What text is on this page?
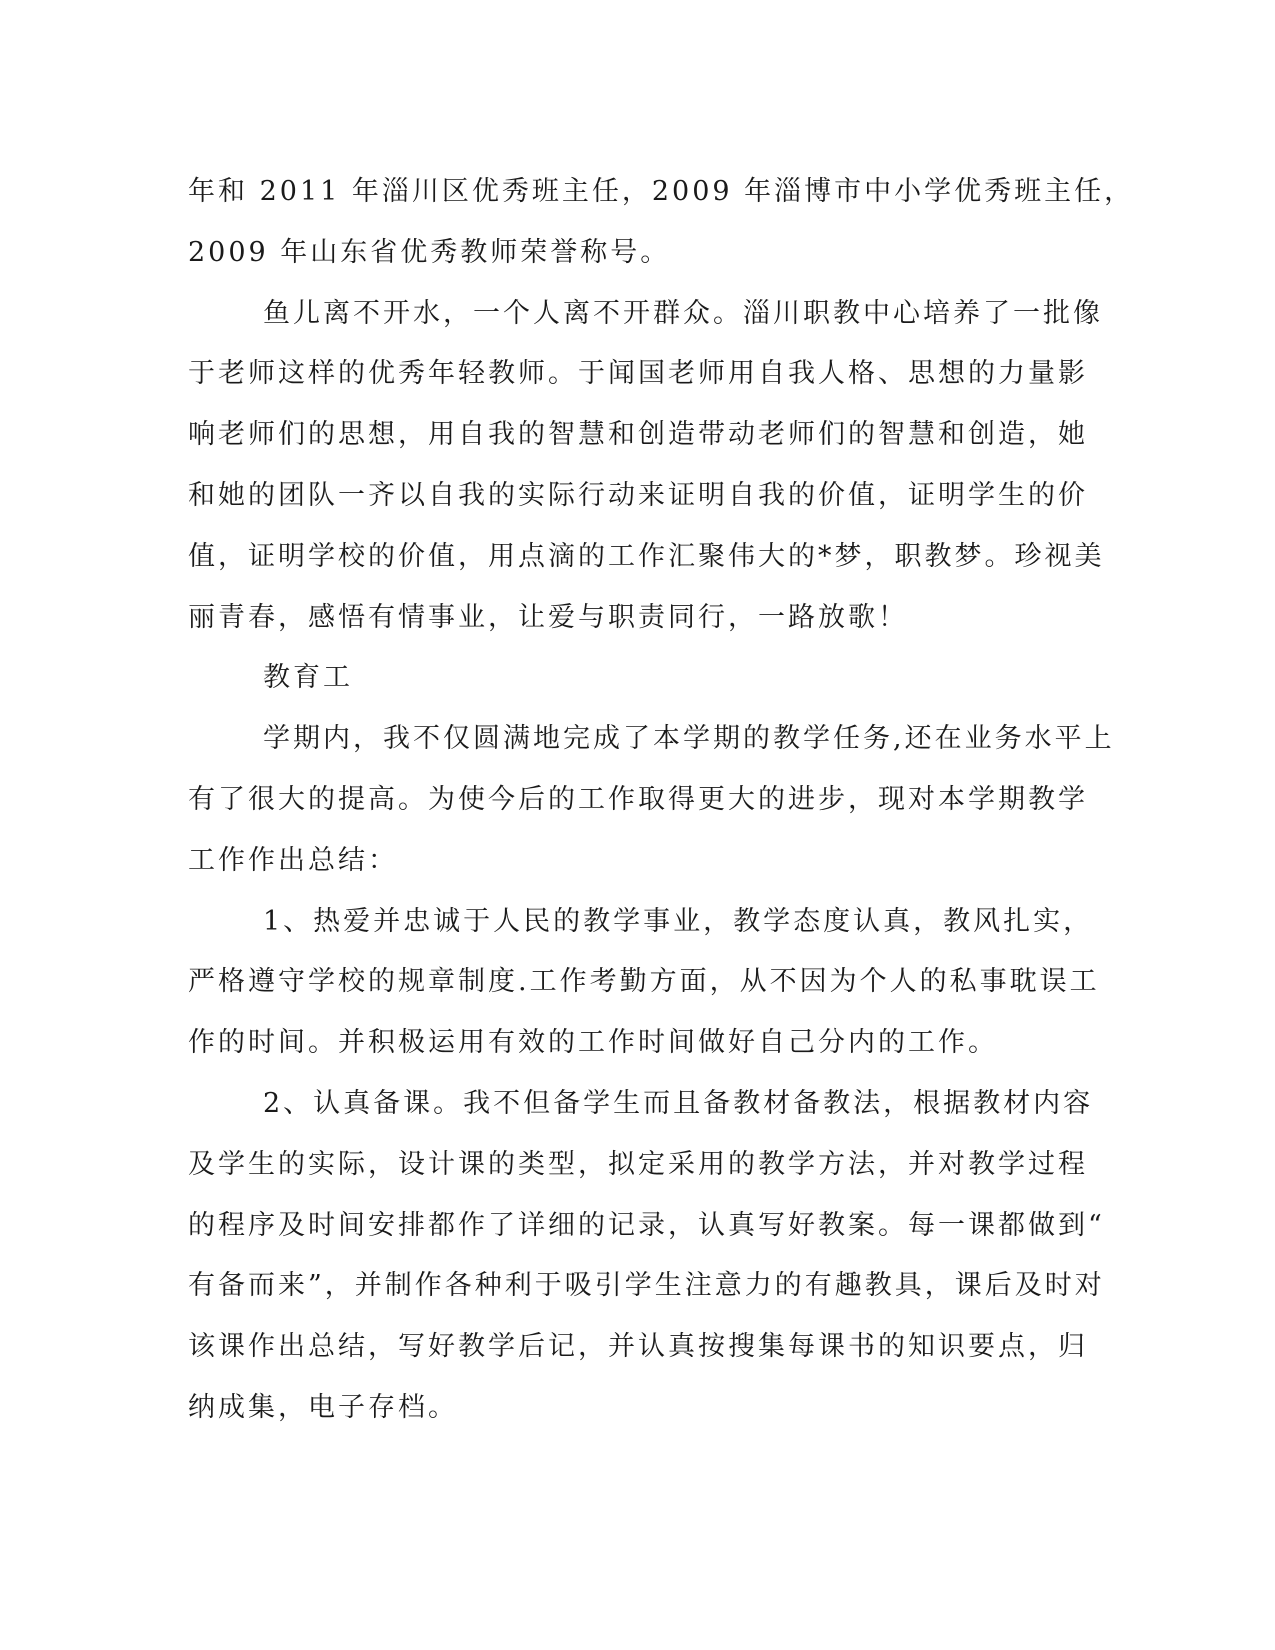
年和 2011 年淄川区优秀班主任，2009 年淄博市中小学优秀班主任，
2009 年山东省优秀教师荣誉称号。
鱼儿离不开水，一个人离不开群众。淄川职教中心培养了一批像
于老师这样的优秀年轻教师。于闻国老师用自我人格、思想的力量影
响老师们的思想，用自我的智慧和创造带动老师们的智慧和创造，她
和她的团队一齐以自我的实际行动来证明自我的价值，证明学生的价
值，证明学校的价值，用点滴的工作汇聚伟大的*梦，职教梦。珍视美
丽青春，感悟有情事业，让爱与职责同行，一路放歌！
教育工
学期内，我不仅圆满地完成了本学期的教学任务,还在业务水平上
有了很大的提高。为使今后的工作取得更大的进步，现对本学期教学
工作作出总结：
1、热爱并忠诚于人民的教学事业，教学态度认真，教风扎实，
严格遵守学校的规章制度.工作考勤方面，从不因为个人的私事耽误工
作的时间。并积极运用有效的工作时间做好自己分内的工作。
2、认真备课。我不但备学生而且备教材备教法，根据教材内容
及学生的实际，设计课的类型，拟定采用的教学方法，并对教学过程
的程序及时间安排都作了详细的记录，认真写好教案。每一课都做到“
有备而来”，并制作各种利于吸引学生注意力的有趣教具，课后及时对
该课作出总结，写好教学后记，并认真按搜集每课书的知识要点，归
纳成集，电子存档。
